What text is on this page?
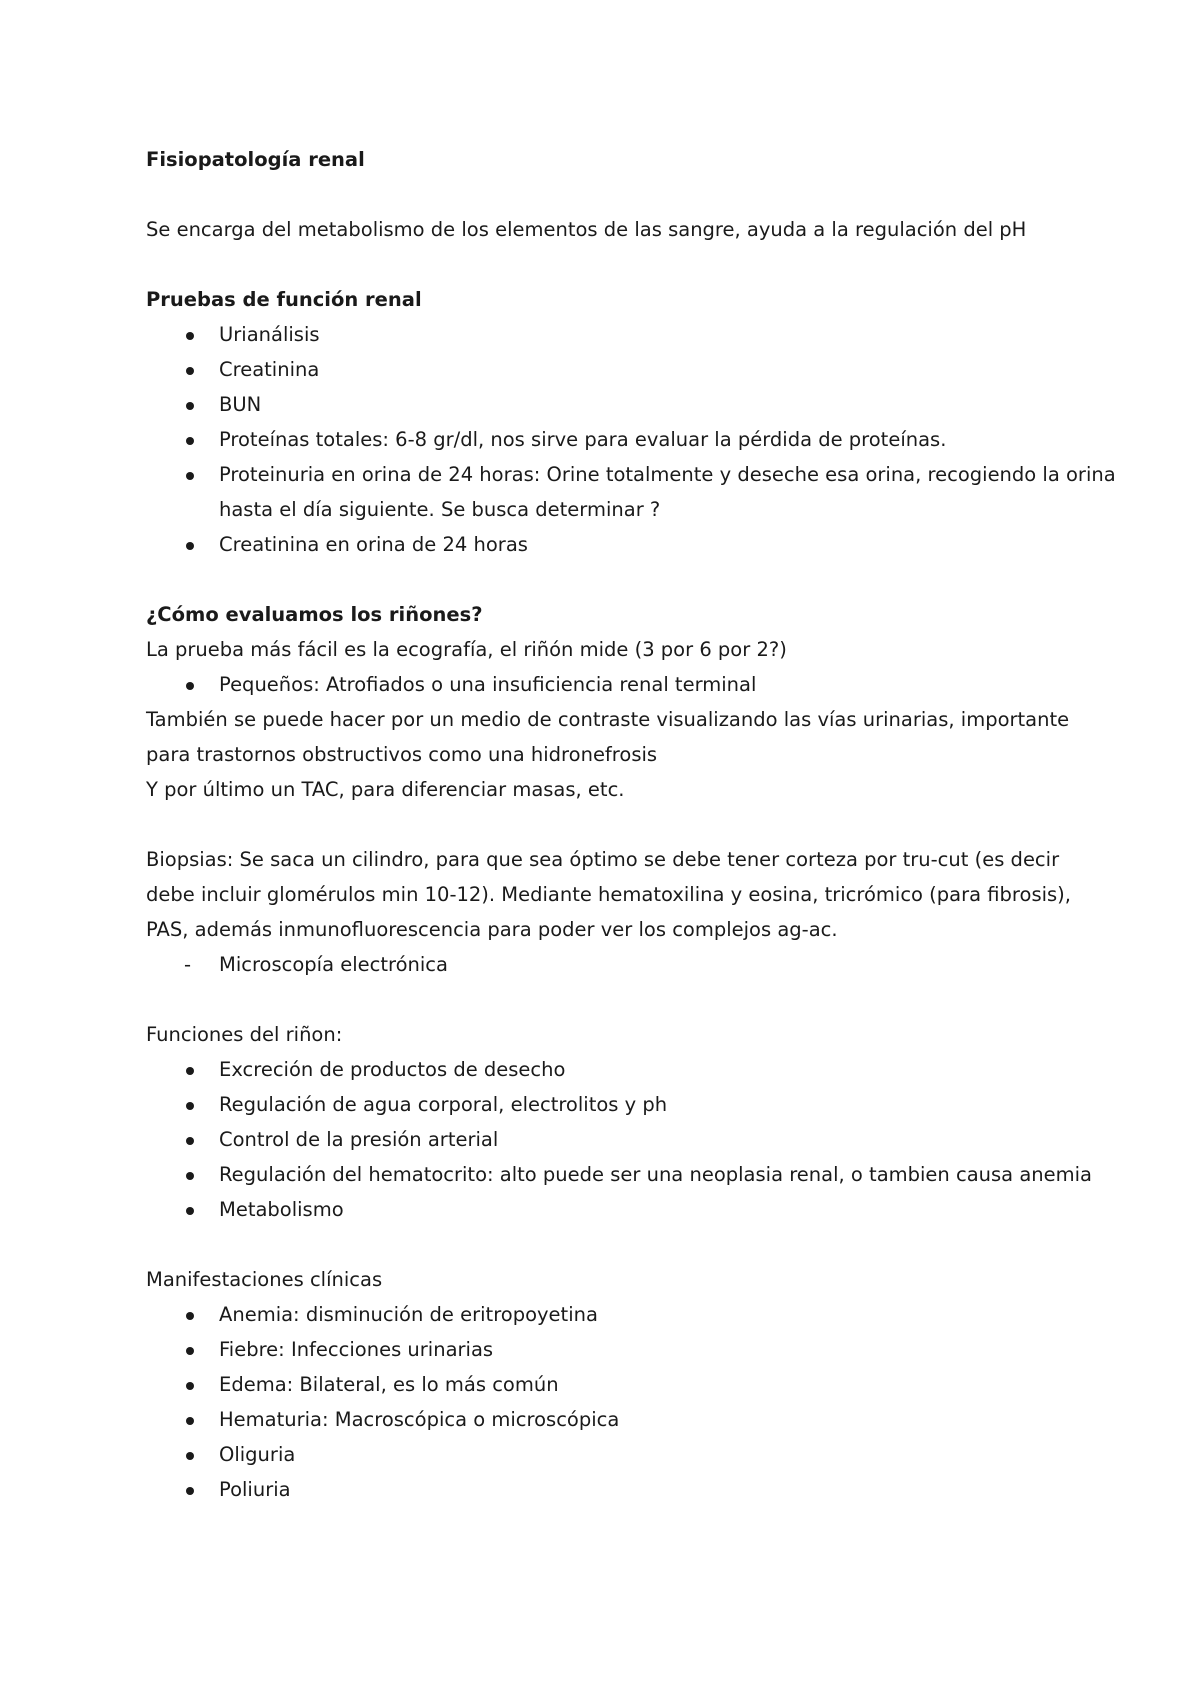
Fisiopatología renal

Se encarga del metabolismo de los elementos de las sangre, ayuda a la regulación del pH

Pruebas de función renal

Urianálisis
Creatinina
BUN
Proteínas totales: 6-8 gr/dl, nos sirve para evaluar la pérdida de proteínas.
Proteinuria en orina de 24 horas: Orine totalmente y deseche esa orina, recogiendo la orina hasta el día siguiente. Se busca determinar ?
Creatinina en orina de 24 horas

¿Cómo evaluamos los riñones?

La prueba más fácil es la ecografía, el riñón mide (3 por 6 por 2?)

Pequeños: Atrofiados o una insuficiencia renal terminal

También se puede hacer por un medio de contraste visualizando las vías urinarias, importante para trastornos obstructivos como una hidronefrosis

Y por último un TAC, para diferenciar masas, etc.

Biopsias: Se saca un cilindro, para que sea óptimo se debe tener corteza por tru-cut (es decir debe incluir glomérulos min 10-12). Mediante hematoxilina y eosina, tricrómico (para fibrosis), PAS, además inmunofluorescencia para poder ver los complejos ag-ac.

- Microscopía electrónica

Funciones del riñon:

Excreción de productos de desecho
Regulación de agua corporal, electrolitos y ph
Control de la presión arterial
Regulación del hematocrito: alto puede ser una neoplasia renal, o tambien causa anemia
Metabolismo

Manifestaciones clínicas

Anemia: disminución de eritropoyetina
Fiebre: Infecciones urinarias
Edema: Bilateral, es lo más común
Hematuria: Macroscópica o microscópica
Oliguria
Poliuria
